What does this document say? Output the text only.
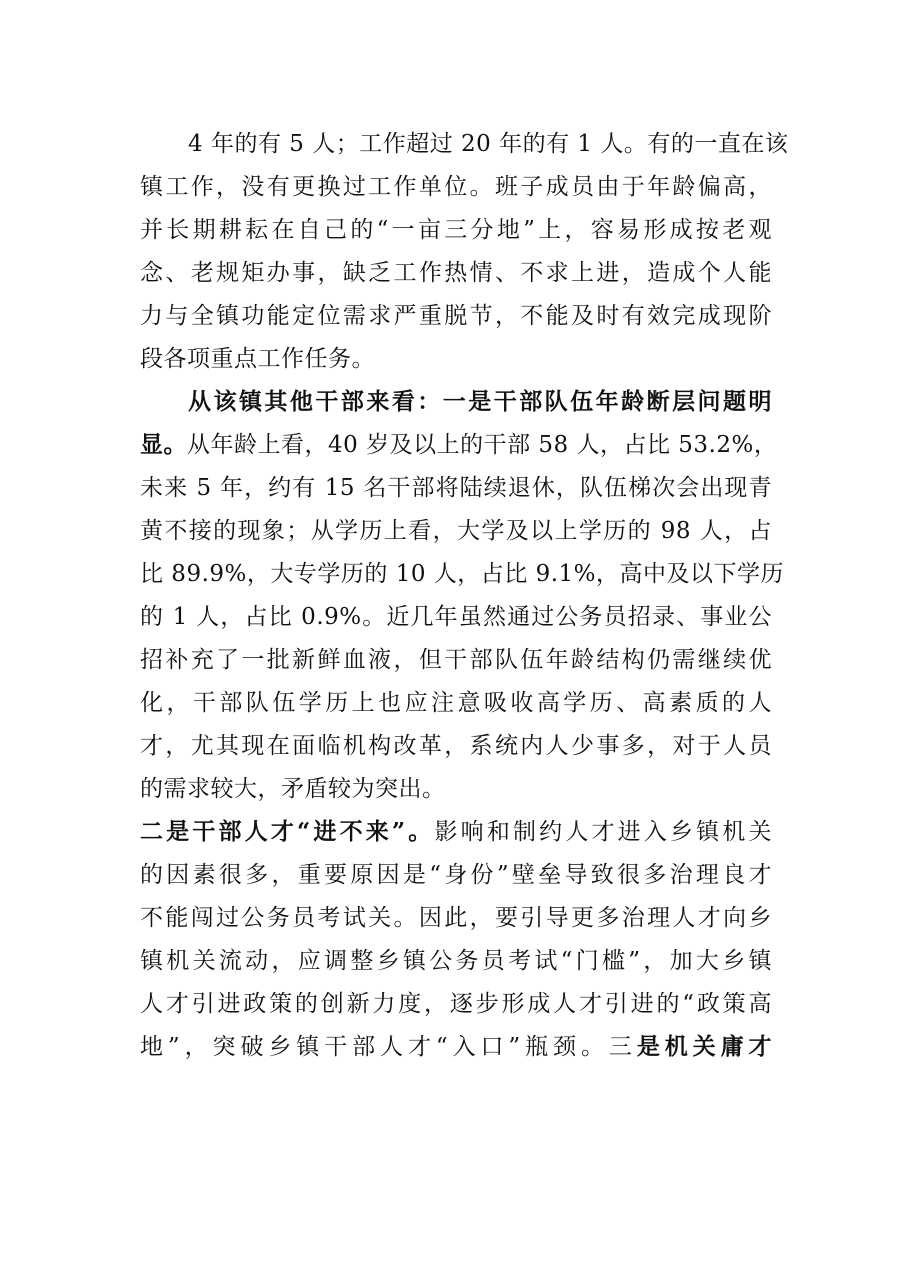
4 年的有 5 人；工作超过 20 年的有 1 人。有的一直在该
镇工作，没有更换过工作单位。班子成员由于年龄偏高，
并长期耕耘在自己的“一亩三分地”上，容易形成按老观
念、老规矩办事，缺乏工作热情、不求上进，造成个人能
力与全镇功能定位需求严重脱节，不能及时有效完成现阶
段各项重点工作任务。
从该镇其他干部来看：一是干部队伍年龄断层问题明
显。从年龄上看，40 岁及以上的干部 58 人，占比 53.2%，
未来 5 年，约有 15 名干部将陆续退休，队伍梯次会出现青
黄不接的现象；从学历上看，大学及以上学历的 98 人，占
比 89.9%，大专学历的 10 人，占比 9.1%，高中及以下学历
的 1 人，占比 0.9%。近几年虽然通过公务员招录、事业公
招补充了一批新鲜血液，但干部队伍年龄结构仍需继续优
化，干部队伍学历上也应注意吸收高学历、高素质的人
才，尤其现在面临机构改革，系统内人少事多，对于人员
的需求较大，矛盾较为突出。
二是干部人才“进不来”。影响和制约人才进入乡镇机关
的因素很多，重要原因是“身份”壁垒导致很多治理良才
不能闯过公务员考试关。因此，要引导更多治理人才向乡
镇机关流动，应调整乡镇公务员考试“门槛”，加大乡镇
人才引进政策的创新力度，逐步形成人才引进的“政策高
地”，突破乡镇干部人才“入口”瓶颈。三是机关庸才
